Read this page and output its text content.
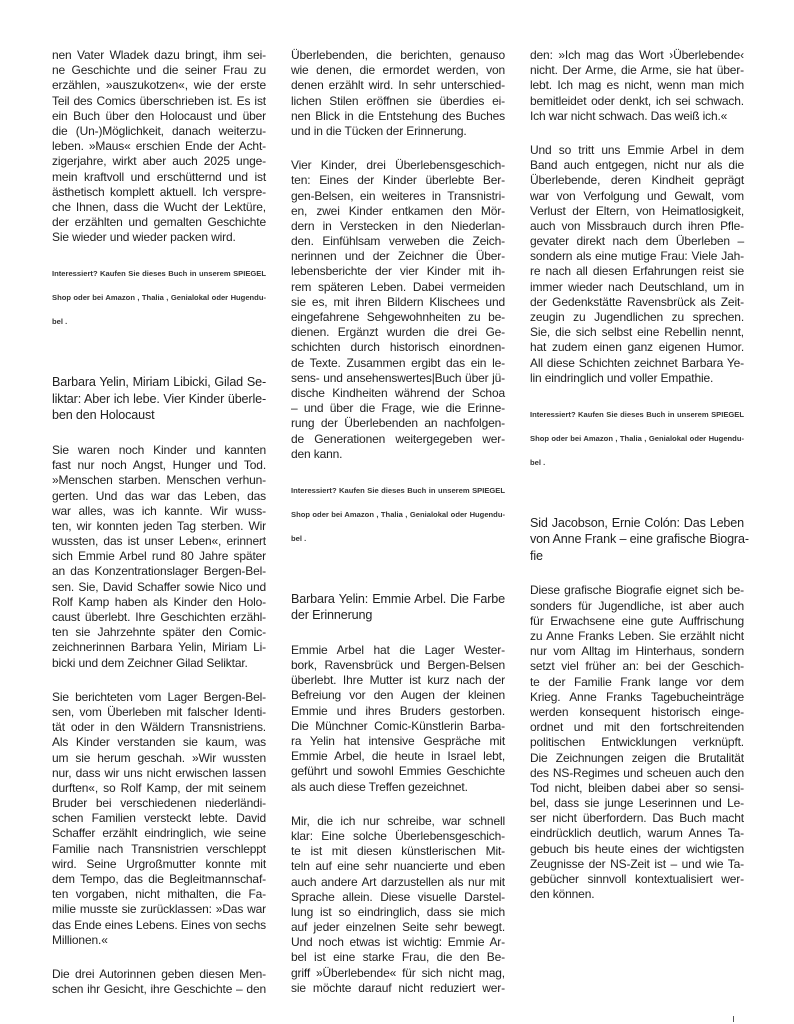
nen Vater Wladek dazu bringt, ihm sei-
ne Geschichte und die seiner Frau zu
erzählen, »auszukotzen«, wie der erste
Teil des Comics überschrieben ist. Es ist
ein Buch über den Holocaust und über
die (Un-)Möglichkeit, danach weiterzu-
leben. »Maus« erschien Ende der Acht-
zigerjahre, wirkt aber auch 2025 unge-
mein kraftvoll und erschütternd und ist
ästhetisch komplett aktuell. Ich verspre-
che Ihnen, dass die Wucht der Lektüre,
der erzählten und gemalten Geschichte
Sie wieder und wieder packen wird.
Interessiert? Kaufen Sie dieses Buch in unserem SPIEGEL
Shop oder bei Amazon , Thalia , Genialokal oder Hugendu-
bel .
Barbara Yelin, Miriam Libicki, Gilad Se-
liktar: Aber ich lebe. Vier Kinder überle-
ben den Holocaust
Sie waren noch Kinder und kannten
fast nur noch Angst, Hunger und Tod.
»Menschen starben. Menschen verhun-
gerten. Und das war das Leben, das
war alles, was ich kannte. Wir wuss-
ten, wir konnten jeden Tag sterben. Wir
wussten, das ist unser Leben«, erinnert
sich Emmie Arbel rund 80 Jahre später
an das Konzentrationslager Bergen-Bel-
sen. Sie, David Schaffer sowie Nico und
Rolf Kamp haben als Kinder den Holo-
caust überlebt. Ihre Geschichten erzähl-
ten sie Jahrzehnte später den Comic-
zeichnerinnen Barbara Yelin, Miriam Li-
bicki und dem Zeichner Gilad Seliktar.
Sie berichteten vom Lager Bergen-Bel-
sen, vom Überleben mit falscher Identi-
tät oder in den Wäldern Transnistriens.
Als Kinder verstanden sie kaum, was
um sie herum geschah. »Wir wussten
nur, dass wir uns nicht erwischen lassen
durften«, so Rolf Kamp, der mit seinem
Bruder bei verschiedenen niederländi-
schen Familien versteckt lebte. David
Schaffer erzählt eindringlich, wie seine
Familie nach Transnistrien verschleppt
wird. Seine Urgroßmutter konnte mit
dem Tempo, das die Begleitmannschaf-
ten vorgaben, nicht mithalten, die Fa-
milie musste sie zurücklassen: »Das war
das Ende eines Lebens. Eines von sechs
Millionen.«
Die drei Autorinnen geben diesen Men-
schen ihr Gesicht, ihre Geschichte – den
Überlebenden, die berichten, genauso
wie denen, die ermordet werden, von
denen erzählt wird. In sehr unterschied-
lichen Stilen eröffnen sie überdies ei-
nen Blick in die Entstehung des Buches
und in die Tücken der Erinnerung.
Vier Kinder, drei Überlebensgeschich-
ten: Eines der Kinder überlebte Ber-
gen-Belsen, ein weiteres in Transnistri-
en, zwei Kinder entkamen den Mör-
dern in Verstecken in den Niederlan-
den. Einfühlsam verweben die Zeich-
nerinnen und der Zeichner die Über-
lebensberichte der vier Kinder mit ih-
rem späteren Leben. Dabei vermeiden
sie es, mit ihren Bildern Klischees und
eingefahrene Sehgewohnheiten zu be-
dienen. Ergänzt wurden die drei Ge-
schichten durch historisch einordnen-
de Texte. Zusammen ergibt das ein le-
sens- und ansehenswertes|Buch über jü-
dische Kindheiten während der Schoa
– und über die Frage, wie die Erinne-
rung der Überlebenden an nachfolgen-
de Generationen weitergegeben wer-
den kann.
Interessiert? Kaufen Sie dieses Buch in unserem SPIEGEL
Shop oder bei Amazon , Thalia , Genialokal oder Hugendu-
bel .
Barbara Yelin: Emmie Arbel. Die Farbe
der Erinnerung
Emmie Arbel hat die Lager Wester-
bork, Ravensbrück und Bergen-Belsen
überlebt. Ihre Mutter ist kurz nach der
Befreiung vor den Augen der kleinen
Emmie und ihres Bruders gestorben.
Die Münchner Comic-Künstlerin Barba-
ra Yelin hat intensive Gespräche mit
Emmie Arbel, die heute in Israel lebt,
geführt und sowohl Emmies Geschichte
als auch diese Treffen gezeichnet.
Mir, die ich nur schreibe, war schnell
klar: Eine solche Überlebensgeschich-
te ist mit diesen künstlerischen Mit-
teln auf eine sehr nuancierte und eben
auch andere Art darzustellen als nur mit
Sprache allein. Diese visuelle Darstel-
lung ist so eindringlich, dass sie mich
auf jeder einzelnen Seite sehr bewegt.
Und noch etwas ist wichtig: Emmie Ar-
bel ist eine starke Frau, die den Be-
griff »Überlebende« für sich nicht mag,
sie möchte darauf nicht reduziert wer-
den: »Ich mag das Wort ›Überlebende‹
nicht. Der Arme, die Arme, sie hat über-
lebt. Ich mag es nicht, wenn man mich
bemitleidet oder denkt, ich sei schwach.
Ich war nicht schwach. Das weiß ich.«
Und so tritt uns Emmie Arbel in dem
Band auch entgegen, nicht nur als die
Überlebende, deren Kindheit geprägt
war von Verfolgung und Gewalt, vom
Verlust der Eltern, von Heimatlosigkeit,
auch von Missbrauch durch ihren Pfle-
gevater direkt nach dem Überleben –
sondern als eine mutige Frau: Viele Jah-
re nach all diesen Erfahrungen reist sie
immer wieder nach Deutschland, um in
der Gedenkstätte Ravensbrück als Zeit-
zeugin zu Jugendlichen zu sprechen.
Sie, die sich selbst eine Rebellin nennt,
hat zudem einen ganz eigenen Humor.
All diese Schichten zeichnet Barbara Ye-
lin eindringlich und voller Empathie.
Interessiert? Kaufen Sie dieses Buch in unserem SPIEGEL
Shop oder bei Amazon , Thalia , Genialokal oder Hugendu-
bel .
Sid Jacobson, Ernie Colón: Das Leben
von Anne Frank – eine grafische Biogra-
fie
Diese grafische Biografie eignet sich be-
sonders für Jugendliche, ist aber auch
für Erwachsene eine gute Auffrischung
zu Anne Franks Leben. Sie erzählt nicht
nur vom Alltag im Hinterhaus, sondern
setzt viel früher an: bei der Geschich-
te der Familie Frank lange vor dem
Krieg. Anne Franks Tagebucheinträge
werden konsequent historisch einge-
ordnet und mit den fortschreitenden
politischen Entwicklungen verknüpft.
Die Zeichnungen zeigen die Brutalität
des NS-Regimes und scheuen auch den
Tod nicht, bleiben dabei aber so sensi-
bel, dass sie junge Leserinnen und Le-
ser nicht überfordern. Das Buch macht
eindrücklich deutlich, warum Annes Ta-
gebuch bis heute eines der wichtigsten
Zeugnisse der NS-Zeit ist – und wie Ta-
gebücher sinnvoll kontextualisiert wer-
den können.
